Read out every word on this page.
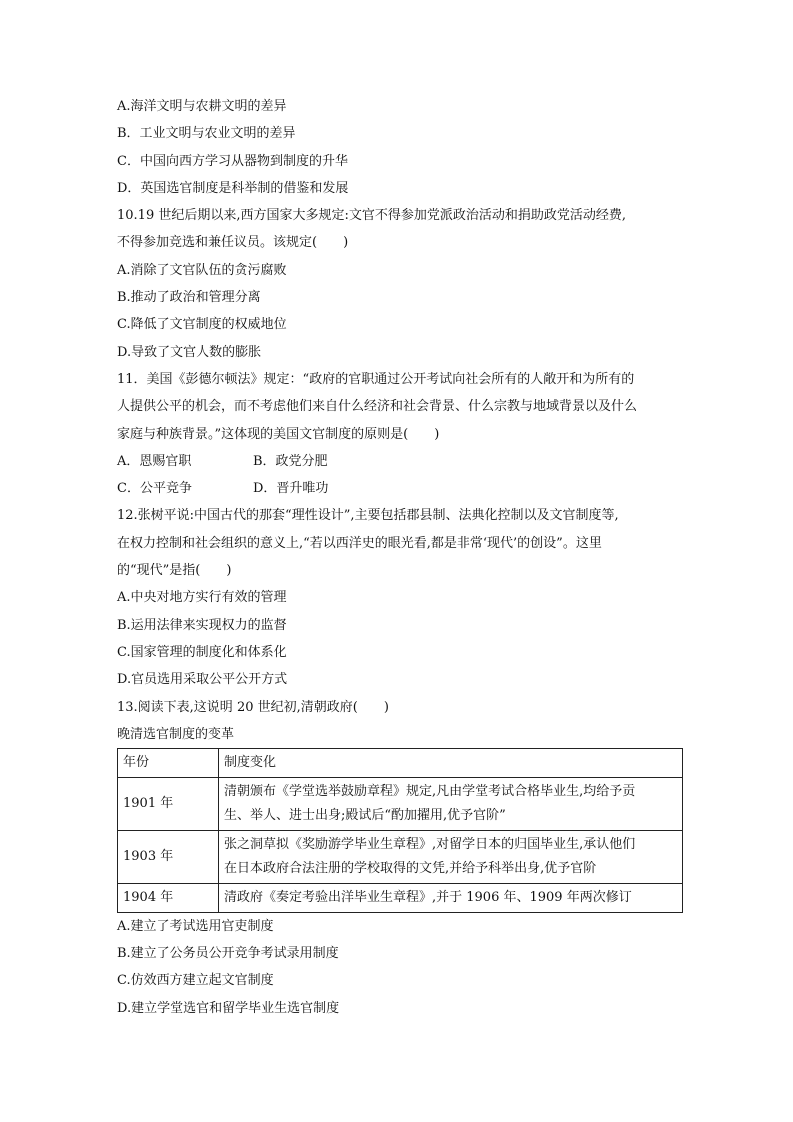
A.海洋文明与农耕文明的差异
B．工业文明与农业文明的差异
C．中国向西方学习从器物到制度的升华
D．英国选官制度是科举制的借鉴和发展
10.19 世纪后期以来,西方国家大多规定:文官不得参加党派政治活动和捐助政党活动经费,
不得参加竞选和兼任议员。该规定(　　)
A.消除了文官队伍的贪污腐败
B.推动了政治和管理分离
C.降低了文官制度的权威地位
D.导致了文官人数的膨胀
11．美国《彭德尔顿法》规定：“政府的官职通过公开考试向社会所有的人敞开和为所有的
人提供公平的机会，而不考虑他们来自什么经济和社会背景、什么宗教与地域背景以及什么
家庭与种族背景。”这体现的美国文官制度的原则是(　　)
A．恩赐官职	B．政党分肥
C．公平竞争	D．晋升唯功
12.张树平说:中国古代的那套“理性设计”,主要包括郡县制、法典化控制以及文官制度等,
在权力控制和社会组织的意义上,“若以西洋史的眼光看,都是非常‘现代’的创设”。这里
的“现代”是指(　　)
A.中央对地方实行有效的管理
B.运用法律来实现权力的监督
C.国家管理的制度化和体系化
D.官员选用采取公平公开方式
13.阅读下表,这说明 20 世纪初,清朝政府(　　)
晚清选官制度的变革
年份	制度变化
1901 年	清朝颁布《学堂选举鼓励章程》规定,凡由学堂考试合格毕业生,均给予贡
生、举人、进士出身;殿试后“酌加擢用,优予官阶”

1903 年	张之洞草拟《奖励游学毕业生章程》,对留学日本的归国毕业生,承认他们
在日本政府合法注册的学校取得的文凭,并给予科举出身,优予官阶

1904 年	清政府《奏定考验出洋毕业生章程》,并于 1906 年、1909 年两次修订
A.建立了考试选用官吏制度
B.建立了公务员公开竞争考试录用制度
C.仿效西方建立起文官制度
D.建立学堂选官和留学毕业生选官制度
